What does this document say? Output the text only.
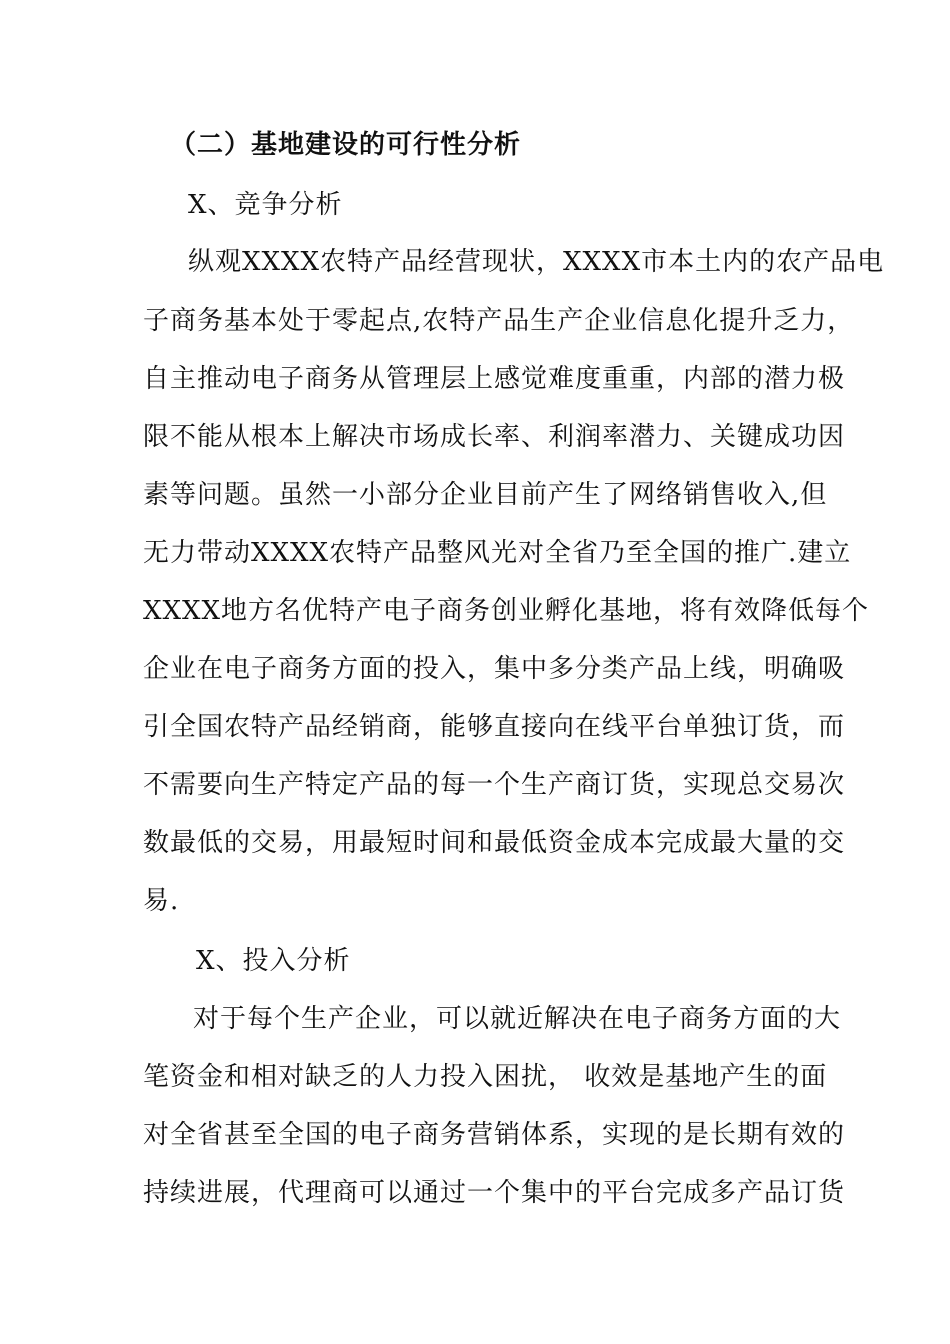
（二）基地建设的可行性分析
X、竞争分析
纵观XXXX农特产品经营现状，XXXX市本土内的农产品电
子商务基本处于零起点,农特产品生产企业信息化提升乏力，
自主推动电子商务从管理层上感觉难度重重，内部的潜力极
限不能从根本上解决市场成长率、利润率潜力、关键成功因
素等问题。虽然一小部分企业目前产生了网络销售收入,但
无力带动XXXX农特产品整风光对全省乃至全国的推广.建立
XXXX地方名优特产电子商务创业孵化基地，将有效降低每个
企业在电子商务方面的投入，集中多分类产品上线，明确吸
引全国农特产品经销商，能够直接向在线平台单独订货，而
不需要向生产特定产品的每一个生产商订货，实现总交易次
数最低的交易，用最短时间和最低资金成本完成最大量的交
易.
X、投入分析
对于每个生产企业，可以就近解决在电子商务方面的大
笔资金和相对缺乏的人力投入困扰， 收效是基地产生的面
对全省甚至全国的电子商务营销体系，实现的是长期有效的
持续进展，代理商可以通过一个集中的平台完成多产品订货
